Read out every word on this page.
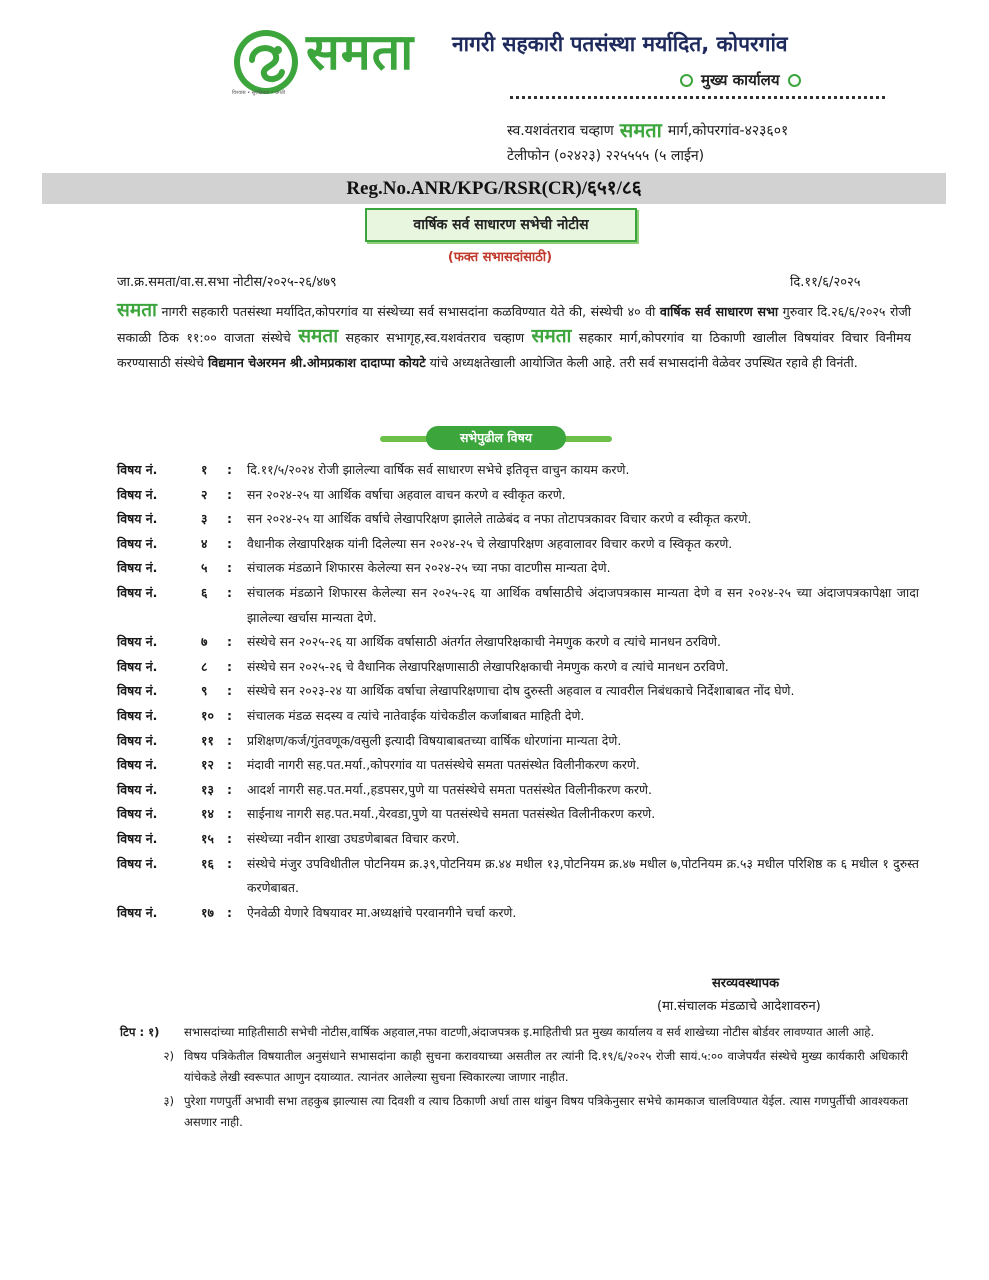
विश्वास • सुरक्षितता • प्रगती
समता नागरी सहकारी पतसंस्था मर्यादित, कोपरगांव
मुख्य कार्यालय
स्व.यशवंतराव चव्हाण समता मार्ग,कोपरगांव-४२३६०१
टेलीफोन (०२४२३) २२५५५५ (५ लाईन)
Reg.No.ANR/KPG/RSR(CR)/६५१/८६
वार्षिक सर्व साधारण सभेची नोटीस
(फक्त सभासदांसाठी)
जा.क्र.समता/वा.स.सभा नोटीस/२०२५-२६/४७९	दि.११/६/२०२५
समता नागरी सहकारी पतसंस्था मर्यादित,कोपरगांव या संस्थेच्या सर्व सभासदांना कळविण्यात येते की, संस्थेची ४० वी वार्षिक सर्व साधारण सभा गुरुवार दि.२६/६/२०२५ रोजी सकाळी ठिक ११:०० वाजता संस्थेचे समता सहकार सभागृह,स्व.यशवंतराव चव्हाण समता सहकार मार्ग,कोपरगांव या ठिकाणी खालील विषयांवर विचार विनीमय करण्यासाठी संस्थेचे विद्यमान चेअरमन श्री.ओमप्रकाश दादाप्पा कोयटे यांचे अध्यक्षतेखाली आयोजित केली आहे. तरी सर्व सभासदांनी वेळेवर उपस्थित रहावे ही विनंती.
सभेपुढील विषय
विषय नं.	१	:	दि.११/५/२०२४ रोजी झालेल्या वार्षिक सर्व साधारण सभेचे इतिवृत्त वाचुन कायम करणे.
विषय नं.	२	:	सन २०२४-२५ या आर्थिक वर्षाचा अहवाल वाचन करणे व स्वीकृत करणे.
विषय नं.	३	:	सन २०२४-२५ या आर्थिक वर्षाचे लेखापरिक्षण झालेले ताळेबंद व नफा तोटापत्रकावर विचार करणे व स्वीकृत करणे.
विषय नं.	४	:	वैधानीक लेखापरिक्षक यांनी दिलेल्या सन २०२४-२५ चे लेखापरिक्षण अहवालावर विचार करणे व स्विकृत करणे.
विषय नं.	५	:	संचालक मंडळाने शिफारस केलेल्या सन २०२४-२५ च्या नफा वाटणीस मान्यता देणे.
विषय नं.	६	:	संचालक मंडळाने शिफारस केलेल्या सन २०२५-२६ या आर्थिक वर्षासाठीचे अंदाजपत्रकास मान्यता देणे व सन २०२४-२५ च्या अंदाजपत्रकापेक्षा जादा झालेल्या खर्चास मान्यता देणे.
विषय नं.	७	:	संस्थेचे सन २०२५-२६ या आर्थिक वर्षासाठी अंतर्गत लेखापरिक्षकाची नेमणुक करणे व त्यांचे मानधन ठरविणे.
विषय नं.	८	:	संस्थेचे सन २०२५-२६ चे वैधानिक लेखापरिक्षणासाठी लेखापरिक्षकाची नेमणुक करणे व त्यांचे मानधन ठरविणे.
विषय नं.	९	:	संस्थेचे सन २०२३-२४ या आर्थिक वर्षाचा लेखापरिक्षणाचा दोष दुरुस्ती अहवाल व त्यावरील निबंधकाचे निर्देशाबाबत नोंद घेणे.
विषय नं.	१०	:	संचालक मंडळ सदस्य व त्यांचे नातेवाईक यांचेकडील कर्जाबाबत माहिती देणे.
विषय नं.	११	:	प्रशिक्षण/कर्ज/गुंतवणूक/वसुली इत्यादी विषयाबाबतच्या वार्षिक धोरणांना मान्यता देणे.
विषय नं.	१२	:	मंदावी नागरी सह.पत.मर्या.,कोपरगांव या पतसंस्थेचे समता पतसंस्थेत विलीनीकरण करणे.
विषय नं.	१३	:	आदर्श नागरी सह.पत.मर्या.,हडपसर,पुणे या पतसंस्थेचे समता पतसंस्थेत विलीनीकरण करणे.
विषय नं.	१४	:	साईनाथ नागरी सह.पत.मर्या.,येरवडा,पुणे या पतसंस्थेचे समता पतसंस्थेत विलीनीकरण करणे.
विषय नं.	१५	:	संस्थेच्या नवीन शाखा उघडणेबाबत विचार करणे.
विषय नं.	१६	:	संस्थेचे मंजुर उपविधीतील पोटनियम क्र.३९,पोटनियम क्र.४४ मधील १३,पोटनियम क्र.४७ मधील ७,पोटनियम क्र.५३ मधील परिशिष्ठ क ६ मधील १ दुरुस्त करणेबाबत.
विषय नं.	१७	:	ऐनवेळी येणारे विषयावर मा.अध्यक्षांचे परवानगीने चर्चा करणे.
सरव्यवस्थापक
(मा.संचालक मंडळाचे आदेशावरुन)
टिप : १)	सभासदांच्या माहितीसाठी सभेची नोटीस,वार्षिक अहवाल,नफा वाटणी,अंदाजपत्रक इ.माहितीची प्रत मुख्य कार्यालय व सर्व शाखेच्या नोटीस बोर्डवर लावण्यात आली आहे.
२) विषय पत्रिकेतील विषयातील अनुसंधाने सभासदांना काही सुचना करावयाच्या असतील तर त्यांनी दि.१९/६/२०२५ रोजी सायं.५:०० वाजेपर्यंत संस्थेचे मुख्य कार्यकारी अधिकारी यांचेकडे लेखी स्वरूपात आणुन दयाव्यात. त्यानंतर आलेल्या सुचना स्विकारल्या जाणार नाहीत.
३) पुरेशा गणपुर्ती अभावी सभा तहकुब झाल्यास त्या दिवशी व त्याच ठिकाणी अर्धा तास थांबुन विषय पत्रिकेनुसार सभेचे कामकाज चालविण्यात येईल. त्यास गणपुर्तीची आवश्यकता असणार नाही.
